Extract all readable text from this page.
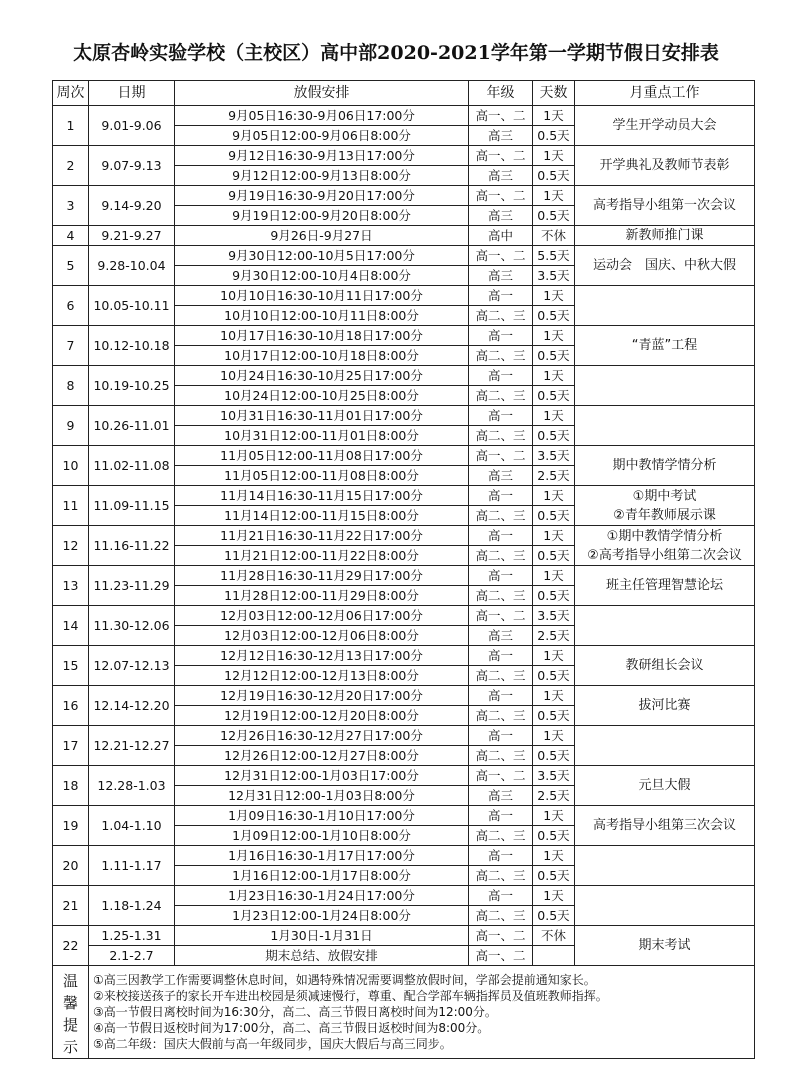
太原杏岭实验学校（主校区）高中部2020-2021学年第一学期节假日安排表
周次	日期	放假安排	年级	天数	月重点工作
1	9.01-9.06	9月05日16:30-9月06日17:00分	高一、二	1天	学生开学动员大会

		9月05日12:00-9月06日8:00分	高三	0.5天	
2	9.07-9.13	9月12日16:30-9月13日17:00分	高一、二	1天	开学典礼及教师节表彰

		9月12日12:00-9月13日8:00分	高三	0.5天	
3	9.14-9.20	9月19日16:30-9月20日17:00分	高一、二	1天	高考指导小组第一次会议

		9月19日12:00-9月20日8:00分	高三	0.5天	
4	9.21-9.27	9月26日-9月27日	高中	不休	新教师推门课

5	9.28-10.04	9月30日12:00-10月5日17:00分	高一、二	5.5天	运动会　国庆、中秋大假

		9月30日12:00-10月4日8:00分	高三	3.5天	
6	10.05-10.11	10月10日16:30-10月11日17:00分	高一	1天	

		10月10日12:00-10月11日8:00分	高二、三	0.5天	
7	10.12-10.18	10月17日16:30-10月18日17:00分	高一	1天	“青蓝”工程

		10月17日12:00-10月18日8:00分	高二、三	0.5天	
8	10.19-10.25	10月24日16:30-10月25日17:00分	高一	1天	

		10月24日12:00-10月25日8:00分	高二、三	0.5天	
9	10.26-11.01	10月31日16:30-11月01日17:00分	高一	1天	

		10月31日12:00-11月01日8:00分	高二、三	0.5天	
10	11.02-11.08	11月05日12:00-11月08日17:00分	高一、二	3.5天	期中教情学情分析

		11月05日12:00-11月08日8:00分	高三	2.5天	
11	11.09-11.15	11月14日16:30-11月15日17:00分	高一	1天	①期中考试
②青年教师展示课

		11月14日12:00-11月15日8:00分	高二、三	0.5天	
12	11.16-11.22	11月21日16:30-11月22日17:00分	高一	1天	①期中教情学情分析
②高考指导小组第二次会议

		11月21日12:00-11月22日8:00分	高二、三	0.5天	
13	11.23-11.29	11月28日16:30-11月29日17:00分	高一	1天	班主任管理智慧论坛

		11月28日12:00-11月29日8:00分	高二、三	0.5天	
14	11.30-12.06	12月03日12:00-12月06日17:00分	高一、二	3.5天	

		12月03日12:00-12月06日8:00分	高三	2.5天	
15	12.07-12.13	12月12日16:30-12月13日17:00分	高一	1天	教研组长会议

		12月12日12:00-12月13日8:00分	高二、三	0.5天	
16	12.14-12.20	12月19日16:30-12月20日17:00分	高一	1天	拔河比赛

		12月19日12:00-12月20日8:00分	高二、三	0.5天	
17	12.21-12.27	12月26日16:30-12月27日17:00分	高一	1天	

		12月26日12:00-12月27日8:00分	高二、三	0.5天	
18	12.28-1.03	12月31日12:00-1月03日17:00分	高一、二	3.5天	元旦大假

		12月31日12:00-1月03日8:00分	高三	2.5天	
19	1.04-1.10	1月09日16:30-1月10日17:00分	高一	1天	高考指导小组第三次会议

		1月09日12:00-1月10日8:00分	高二、三	0.5天	
20	1.11-1.17	1月16日16:30-1月17日17:00分	高一	1天	

		1月16日12:00-1月17日8:00分	高二、三	0.5天	
21	1.18-1.24	1月23日16:30-1月24日17:00分	高一	1天	

		1月23日12:00-1月24日8:00分	高二、三	0.5天	
22	1.25-1.31	1月30日-1月31日	高一、二	不休	期末考试
	2.1-2.7	期末总结、放假安排	高一、二		
温馨提示	①高三因教学工作需要调整休息时间，如遇特殊情况需要调整放假时间，学部会提前通知家长。
②来校接送孩子的家长开车进出校园是须减速慢行，尊重、配合学部车辆指挥员及值班教师指挥。
③高一节假日离校时间为16:30分，高二、高三节假日离校时间为12:00分。
④高一节假日返校时间为17:00分，高二、高三节假日返校时间为8:00分。
⑤高二年级：国庆大假前与高一年级同步，国庆大假后与高三同步。				
